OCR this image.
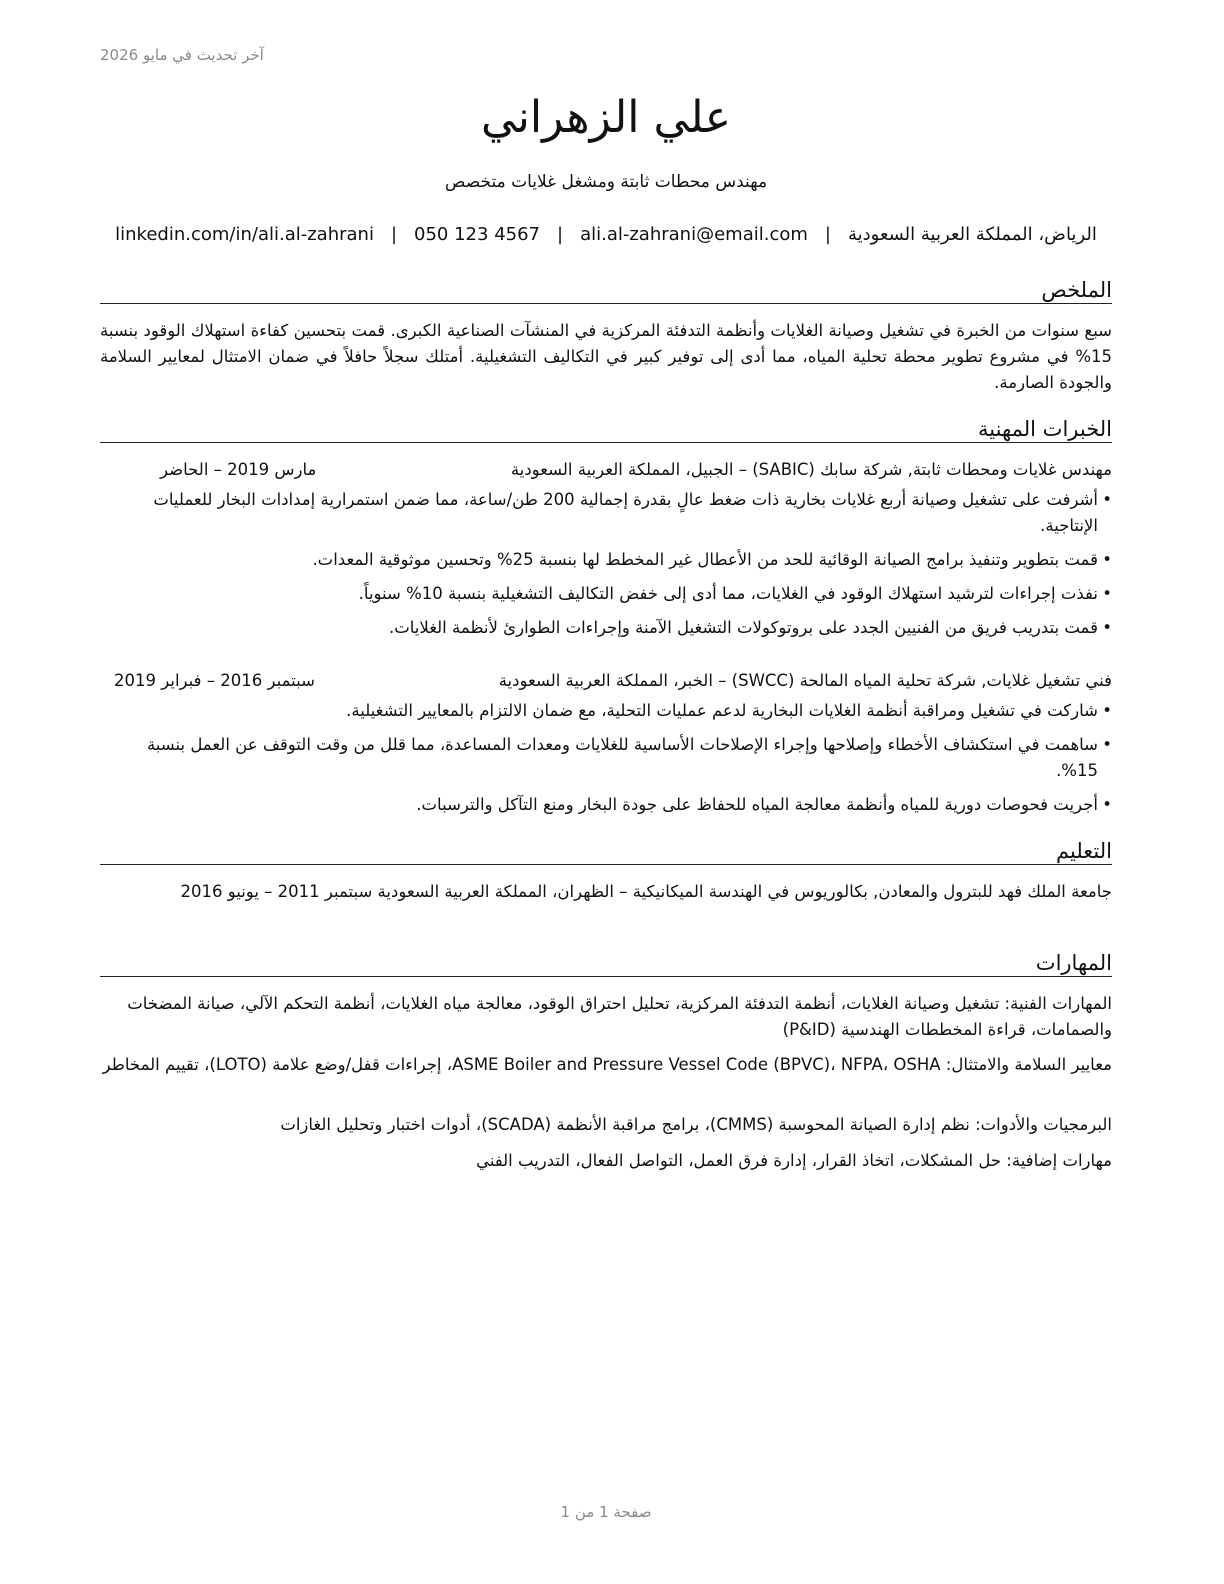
آخر تحديث في مايو 2026
علي الزهراني
مهندس محطات ثابتة ومشغل غلايات متخصص
الرياض، المملكة العربية السعودية
|
ali.al-zahrani@email.com
|
050 123 4567
|
linkedin.com/in/ali.al-zahrani
الملخص
سبع سنوات من الخبرة في تشغيل وصيانة الغلايات وأنظمة التدفئة المركزية في المنشآت الصناعية الكبرى. قمت بتحسين كفاءة استهلاك الوقود بنسبة 15% في مشروع تطوير محطة تحلية المياه، مما أدى إلى توفير كبير في التكاليف التشغيلية. أمتلك سجلاً حافلاً في ضمان الامتثال لمعايير السلامة والجودة الصارمة.
الخبرات المهنية
مهندس غلايات ومحطات ثابتة, شركة سابك (SABIC) – الجبيل، المملكة العربية السعودية
مارس 2019 – الحاضر
• أشرفت على تشغيل وصيانة أربع غلايات بخارية ذات ضغط عالٍ بقدرة إجمالية 200 طن/ساعة، مما ضمن استمرارية إمدادات البخار للعمليات الإنتاجية.
• قمت بتطوير وتنفيذ برامج الصيانة الوقائية للحد من الأعطال غير المخطط لها بنسبة 25% وتحسين موثوقية المعدات.
• نفذت إجراءات لترشيد استهلاك الوقود في الغلايات، مما أدى إلى خفض التكاليف التشغيلية بنسبة 10% سنوياً.
• قمت بتدريب فريق من الفنيين الجدد على بروتوكولات التشغيل الآمنة وإجراءات الطوارئ لأنظمة الغلايات.
فني تشغيل غلايات, شركة تحلية المياه المالحة (SWCC) – الخبر، المملكة العربية السعودية
سبتمبر 2016 – فبراير 2019
• شاركت في تشغيل ومراقبة أنظمة الغلايات البخارية لدعم عمليات التحلية، مع ضمان الالتزام بالمعايير التشغيلية.
• ساهمت في استكشاف الأخطاء وإصلاحها وإجراء الإصلاحات الأساسية للغلايات ومعدات المساعدة، مما قلل من وقت التوقف عن العمل بنسبة 15%.
• أجريت فحوصات دورية للمياه وأنظمة معالجة المياه للحفاظ على جودة البخار ومنع التآكل والترسبات.
التعليم
جامعة الملك فهد للبترول والمعادن, بكالوريوس في الهندسة الميكانيكية – الظهران، المملكة العربية السعودية سبتمبر 2011 – يونيو 2016
المهارات
المهارات الفنية: تشغيل وصيانة الغلايات، أنظمة التدفئة المركزية، تحليل احتراق الوقود، معالجة مياه الغلايات، أنظمة التحكم الآلي، صيانة المضخات والصمامات، قراءة المخططات الهندسية (P&ID)
معايير السلامة والامتثال: ASME Boiler and Pressure Vessel Code (BPVC)، NFPA، OSHA، إجراءات قفل/وضع علامة (LOTO)، تقييم المخاطر
البرمجيات والأدوات: نظم إدارة الصيانة المحوسبة (CMMS)، برامج مراقبة الأنظمة (SCADA)، أدوات اختبار وتحليل الغازات
مهارات إضافية: حل المشكلات، اتخاذ القرار، إدارة فرق العمل، التواصل الفعال، التدريب الفني
صفحة 1 من 1
